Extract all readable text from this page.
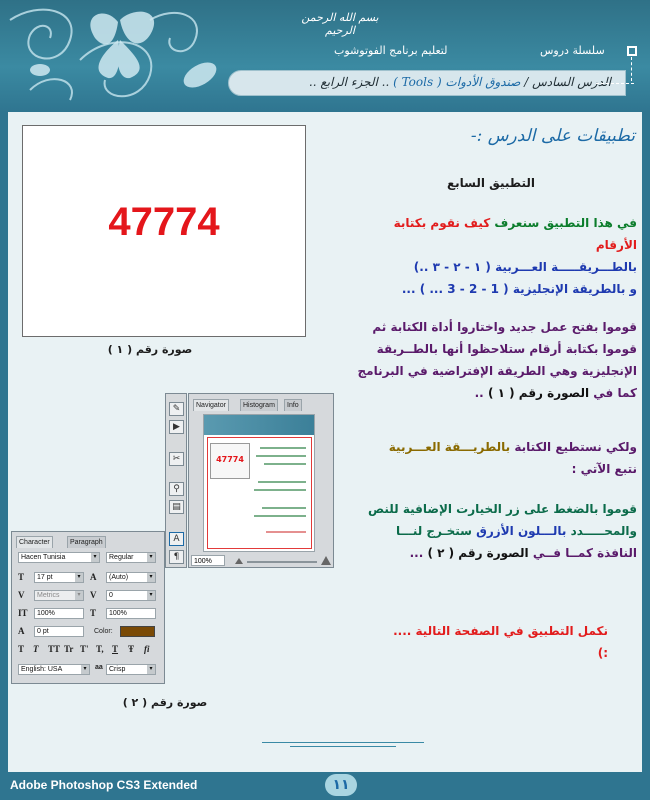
بسم الله الرحمن الرحيم
سلسلة دروس
لتعليم برنامج الفوتوشوب
الدرس السادس / صندوق الأدوات ( Tools ) .. الجزء الرابع ..
47774
صورة رقم ( ١ )
✎
▶
✂
⚲
▤
A
¶
Navigator	Histogram	Info
47774
100%
Character	Paragraph
Hacen Tunisia	▾	Regular	▾
T	17 pt	▾ A	(Auto)	▾
V	Metrics	▾ V	0	▾
IT	100%	T	100%
A	0 pt	Color:
T T TT Tr T' T, T Ŧ fi
English: USA	▾	aa Crisp	▾
صورة رقم ( ٢ )
تطبيقات على الدرس :-
التطبيق السابع
في هذا التطبيق سنعرف كيف نقوم بكتابة الأرقام
بالطـــريقـــــة العـــربية ( ١ - ٢ - ٣ ..)
و بالطريقة الإنجليزية ( 1 - 2 - 3 ... ) ...
قوموا بفتح عمل جديد واختاروا أداة الكتابة ثم
قوموا بكتابة أرقام ستلاحظوا أنها بالطــريقة
الإنجليزية وهي الطريقة الإفتراضية في البرنامج
كما في الصورة رقم ( ١ ) ..
ولكي نستطيع الكتابة بالطريـــقة العـــربية
نتبع الآتي :
قوموا بالضغط على زر الخيارت الإضافية للنص
والمحـــــدد بالـــلون الأزرق ستخـرج لنـــا
النافذة كمــا فــي الصورة رقم ( ٢ ) ...
نكمل التطبيق في الصفحة التالية ....
:)
Adobe Photoshop CS3 Extended	١١
